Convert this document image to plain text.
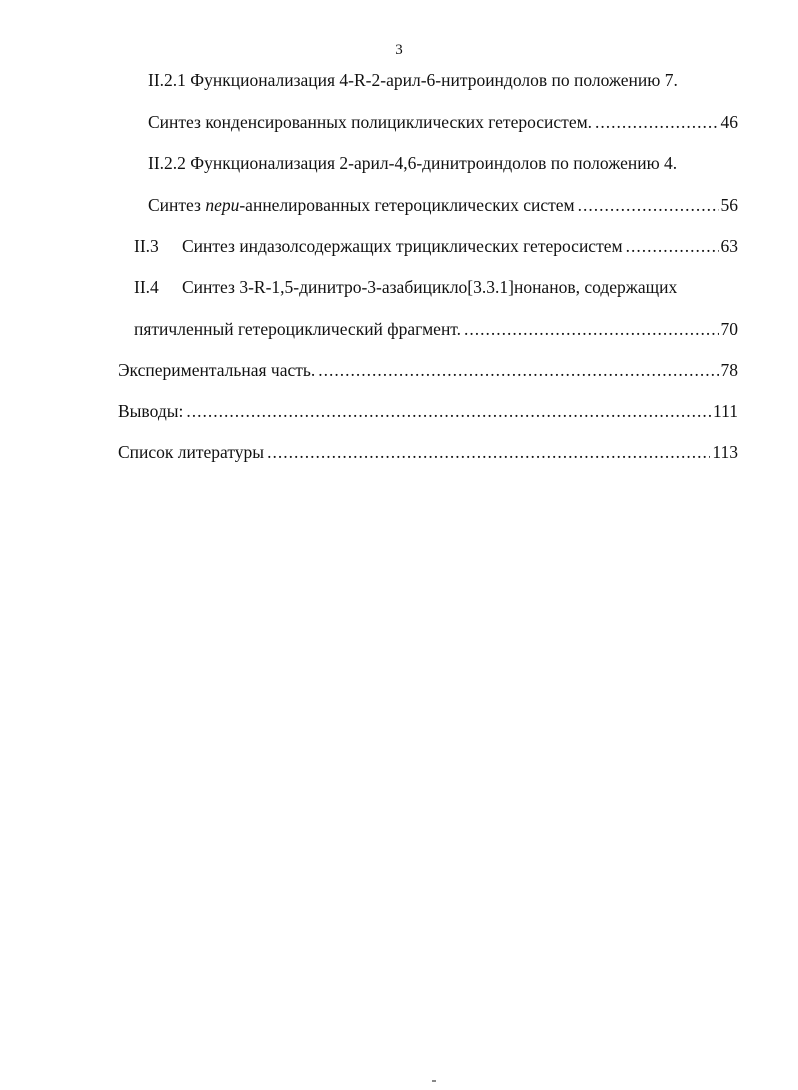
3
II.2.1 Функционализация 4-R-2-арил-6-нитроиндолов по положению 7.
Синтез конденсированных полициклических гетеросистем. .....	46
II.2.2 Функционализация 2-арил-4,6-динитроиндолов по положению 4.
Синтез пери-аннелированных гетероциклических систем .....	56
II.3 Синтез индазолсодержащих трициклических гетеросистем .....	63
II.4 Синтез 3-R-1,5-динитро-3-азабицикло[3.3.1]нонанов, содержащих
пятичленный гетероциклический фрагмент. .....	70
Экспериментальная часть. .....	78
Выводы: .....	111
Список литературы .....	113
